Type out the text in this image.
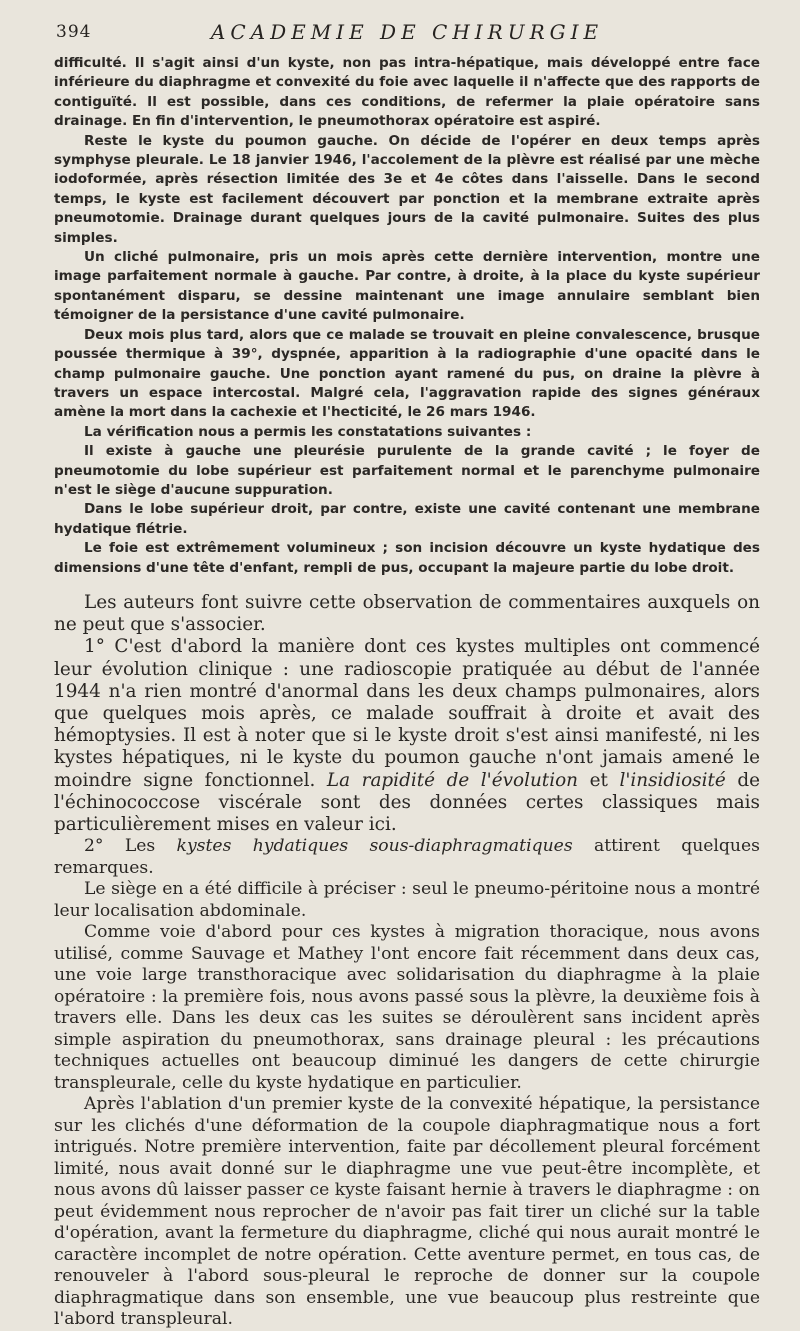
394	ACADEMIE DE CHIRURGIE

difficulté. Il s'agit ainsi d'un kyste, non pas intra-hépatique, mais développé entre face inférieure du diaphragme et convexité du foie avec laquelle il n'affecte que des rapports de contiguïté. Il est possible, dans ces conditions, de refermer la plaie opératoire sans drainage. En fin d'intervention, le pneumothorax opératoire est aspiré.

Reste le kyste du poumon gauche. On décide de l'opérer en deux temps après symphyse pleurale. Le 18 janvier 1946, l'accolement de la plèvre est réalisé par une mèche iodoformée, après résection limitée des 3e et 4e côtes dans l'aisselle. Dans le second temps, le kyste est facilement découvert par ponction et la membrane extraite après pneumotomie. Drainage durant quelques jours de la cavité pulmonaire. Suites des plus simples.

Un cliché pulmonaire, pris un mois après cette dernière intervention, montre une image parfaitement normale à gauche. Par contre, à droite, à la place du kyste supérieur spontanément disparu, se dessine maintenant une image annulaire semblant bien témoigner de la persistance d'une cavité pulmonaire.

Deux mois plus tard, alors que ce malade se trouvait en pleine convalescence, brusque poussée thermique à 39°, dyspnée, apparition à la radiographie d'une opacité dans le champ pulmonaire gauche. Une ponction ayant ramené du pus, on draine la plèvre à travers un espace intercostal. Malgré cela, l'aggravation rapide des signes généraux amène la mort dans la cachexie et l'hecticité, le 26 mars 1946.

La vérification nous a permis les constatations suivantes :

Il existe à gauche une pleurésie purulente de la grande cavité ; le foyer de pneumotomie du lobe supérieur est parfaitement normal et le parenchyme pulmonaire n'est le siège d'aucune suppuration.

Dans le lobe supérieur droit, par contre, existe une cavité contenant une membrane hydatique flétrie.

Le foie est extrêmement volumineux ; son incision découvre un kyste hydatique des dimensions d'une tête d'enfant, rempli de pus, occupant la majeure partie du lobe droit.

Les auteurs font suivre cette observation de commentaires auxquels on ne peut que s'associer.

1° C'est d'abord la manière dont ces kystes multiples ont commencé leur évolution clinique : une radioscopie pratiquée au début de l'année 1944 n'a rien montré d'anormal dans les deux champs pulmonaires, alors que quelques mois après, ce malade souffrait à droite et avait des hémoptysies. Il est à noter que si le kyste droit s'est ainsi manifesté, ni les kystes hépatiques, ni le kyste du poumon gauche n'ont jamais amené le moindre signe fonctionnel. La rapidité de l'évolution et l'insidiosité de l'échinococcose viscérale sont des données certes classiques mais particulièrement mises en valeur ici.

2° Les kystes hydatiques sous-diaphragmatiques attirent quelques remarques.

Le siège en a été difficile à préciser : seul le pneumo-péritoine nous a montré leur localisation abdominale.

Comme voie d'abord pour ces kystes à migration thoracique, nous avons utilisé, comme Sauvage et Mathey l'ont encore fait récemment dans deux cas, une voie large transthoracique avec solidarisation du diaphragme à la plaie opératoire : la première fois, nous avons passé sous la plèvre, la deuxième fois à travers elle. Dans les deux cas les suites se déroulèrent sans incident après simple aspiration du pneumothorax, sans drainage pleural : les précautions techniques actuelles ont beaucoup diminué les dangers de cette chirurgie transpleurale, celle du kyste hydatique en particulier.

Après l'ablation d'un premier kyste de la convexité hépatique, la persistance sur les clichés d'une déformation de la coupole diaphragmatique nous a fort intrigués. Notre première intervention, faite par décollement pleural forcément limité, nous avait donné sur le diaphragme une vue peut-être incomplète, et nous avons dû laisser passer ce kyste faisant hernie à travers le diaphragme : on peut évidemment nous reprocher de n'avoir pas fait tirer un cliché sur la table d'opération, avant la fermeture du diaphragme, cliché qui nous aurait montré le caractère incomplet de notre opération. Cette aventure permet, en tous cas, de renouveler à l'abord sous-pleural le reproche de donner sur la coupole diaphragmatique dans son ensemble, une vue beaucoup plus restreinte que l'abord transpleural.
